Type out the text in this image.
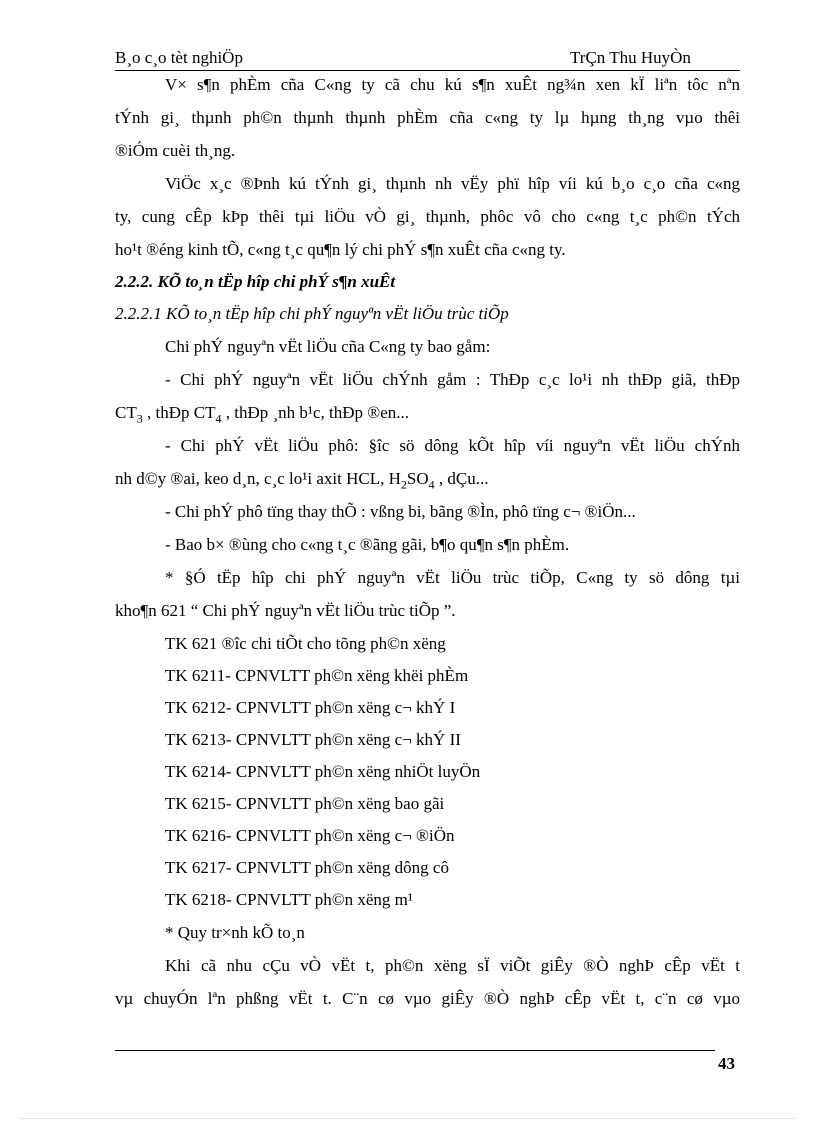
B¸o c¸o tèt nghiÖp	TrÇn Thu HuyÒn
V× s¶n phÈm cña C«ng ty cã chu kú s¶n xuÊt ng¾n xen kÏ liªn tôc nªn
tÝnh gi¸ thµnh ph©n thµnh thµnh phÈm cña c«ng ty lµ hµng th¸ng vµo thêi
®iÓm cuèi th¸ng.
ViÖc x¸c ®Þnh kú tÝnh gi¸ thµnh nh vËy phï hîp víi kú b¸o c¸o cña c«ng
ty, cung cÊp kÞp thêi tµi liÖu vÒ gi¸ thµnh, phôc vô cho c«ng t¸c ph©n tÝch
ho¹t ®éng kinh tÕ, c«ng t¸c qu¶n lý chi phÝ s¶n xuÊt cña c«ng ty.
2.2.2. KÕ to¸n tËp hîp chi phÝ s¶n xuÊt
2.2.2.1 KÕ to¸n tËp hîp chi phÝ nguyªn vËt liÖu trùc tiÕp
Chi phÝ nguyªn vËt liÖu cña C«ng ty bao gåm:
- Chi phÝ nguyªn vËt liÖu chÝnh gåm : ThÐp c¸c lo¹i nh thÐp giã, thÐp
$CT_3$ , thÐp $CT_4$ , thÐp ¸nh b¹c, thÐp ®en...
- Chi phÝ vËt liÖu phô: §îc sö dông kÕt hîp víi nguyªn vËt liÖu chÝnh
nh d©y ®ai, keo d¸n, c¸c lo¹i axit HCL, $H_2SO_4$ , dÇu...
- Chi phÝ phô tïng thay thÕ : vßng bi, bãng ®Ìn, phô tïng c¬ ®iÖn...
- Bao b× ®ùng cho c«ng t¸c ®ãng gãi, b¶o qu¶n s¶n phÈm.
* §Ó tËp hîp chi phÝ nguyªn vËt liÖu trùc tiÕp, C«ng ty sö dông tµi
kho¶n 621 “ Chi phÝ nguyªn vËt liÖu trùc tiÕp ”.
TK 621 ®îc chi tiÕt cho tõng ph©n xëng
TK 6211- CPNVLTT ph©n xëng khëi phÈm
TK 6212- CPNVLTT ph©n xëng c¬ khÝ I
TK 6213- CPNVLTT ph©n xëng c¬ khÝ II
TK 6214- CPNVLTT ph©n xëng nhiÖt luyÖn
TK 6215- CPNVLTT ph©n xëng bao gãi
TK 6216- CPNVLTT ph©n xëng c¬ ®iÖn
TK 6217- CPNVLTT ph©n xëng dông cô
TK 6218- CPNVLTT ph©n xëng m¹
* Quy tr×nh kÕ to¸n
Khi cã nhu cÇu vÒ vËt t, ph©n xëng sÏ viÕt giÊy ®Ò nghÞ cÊp vËt t
vµ chuyÓn lªn phßng vËt t. C¨n cø vµo giÊy ®Ò nghÞ cÊp vËt t, c¨n cø vµo
43
